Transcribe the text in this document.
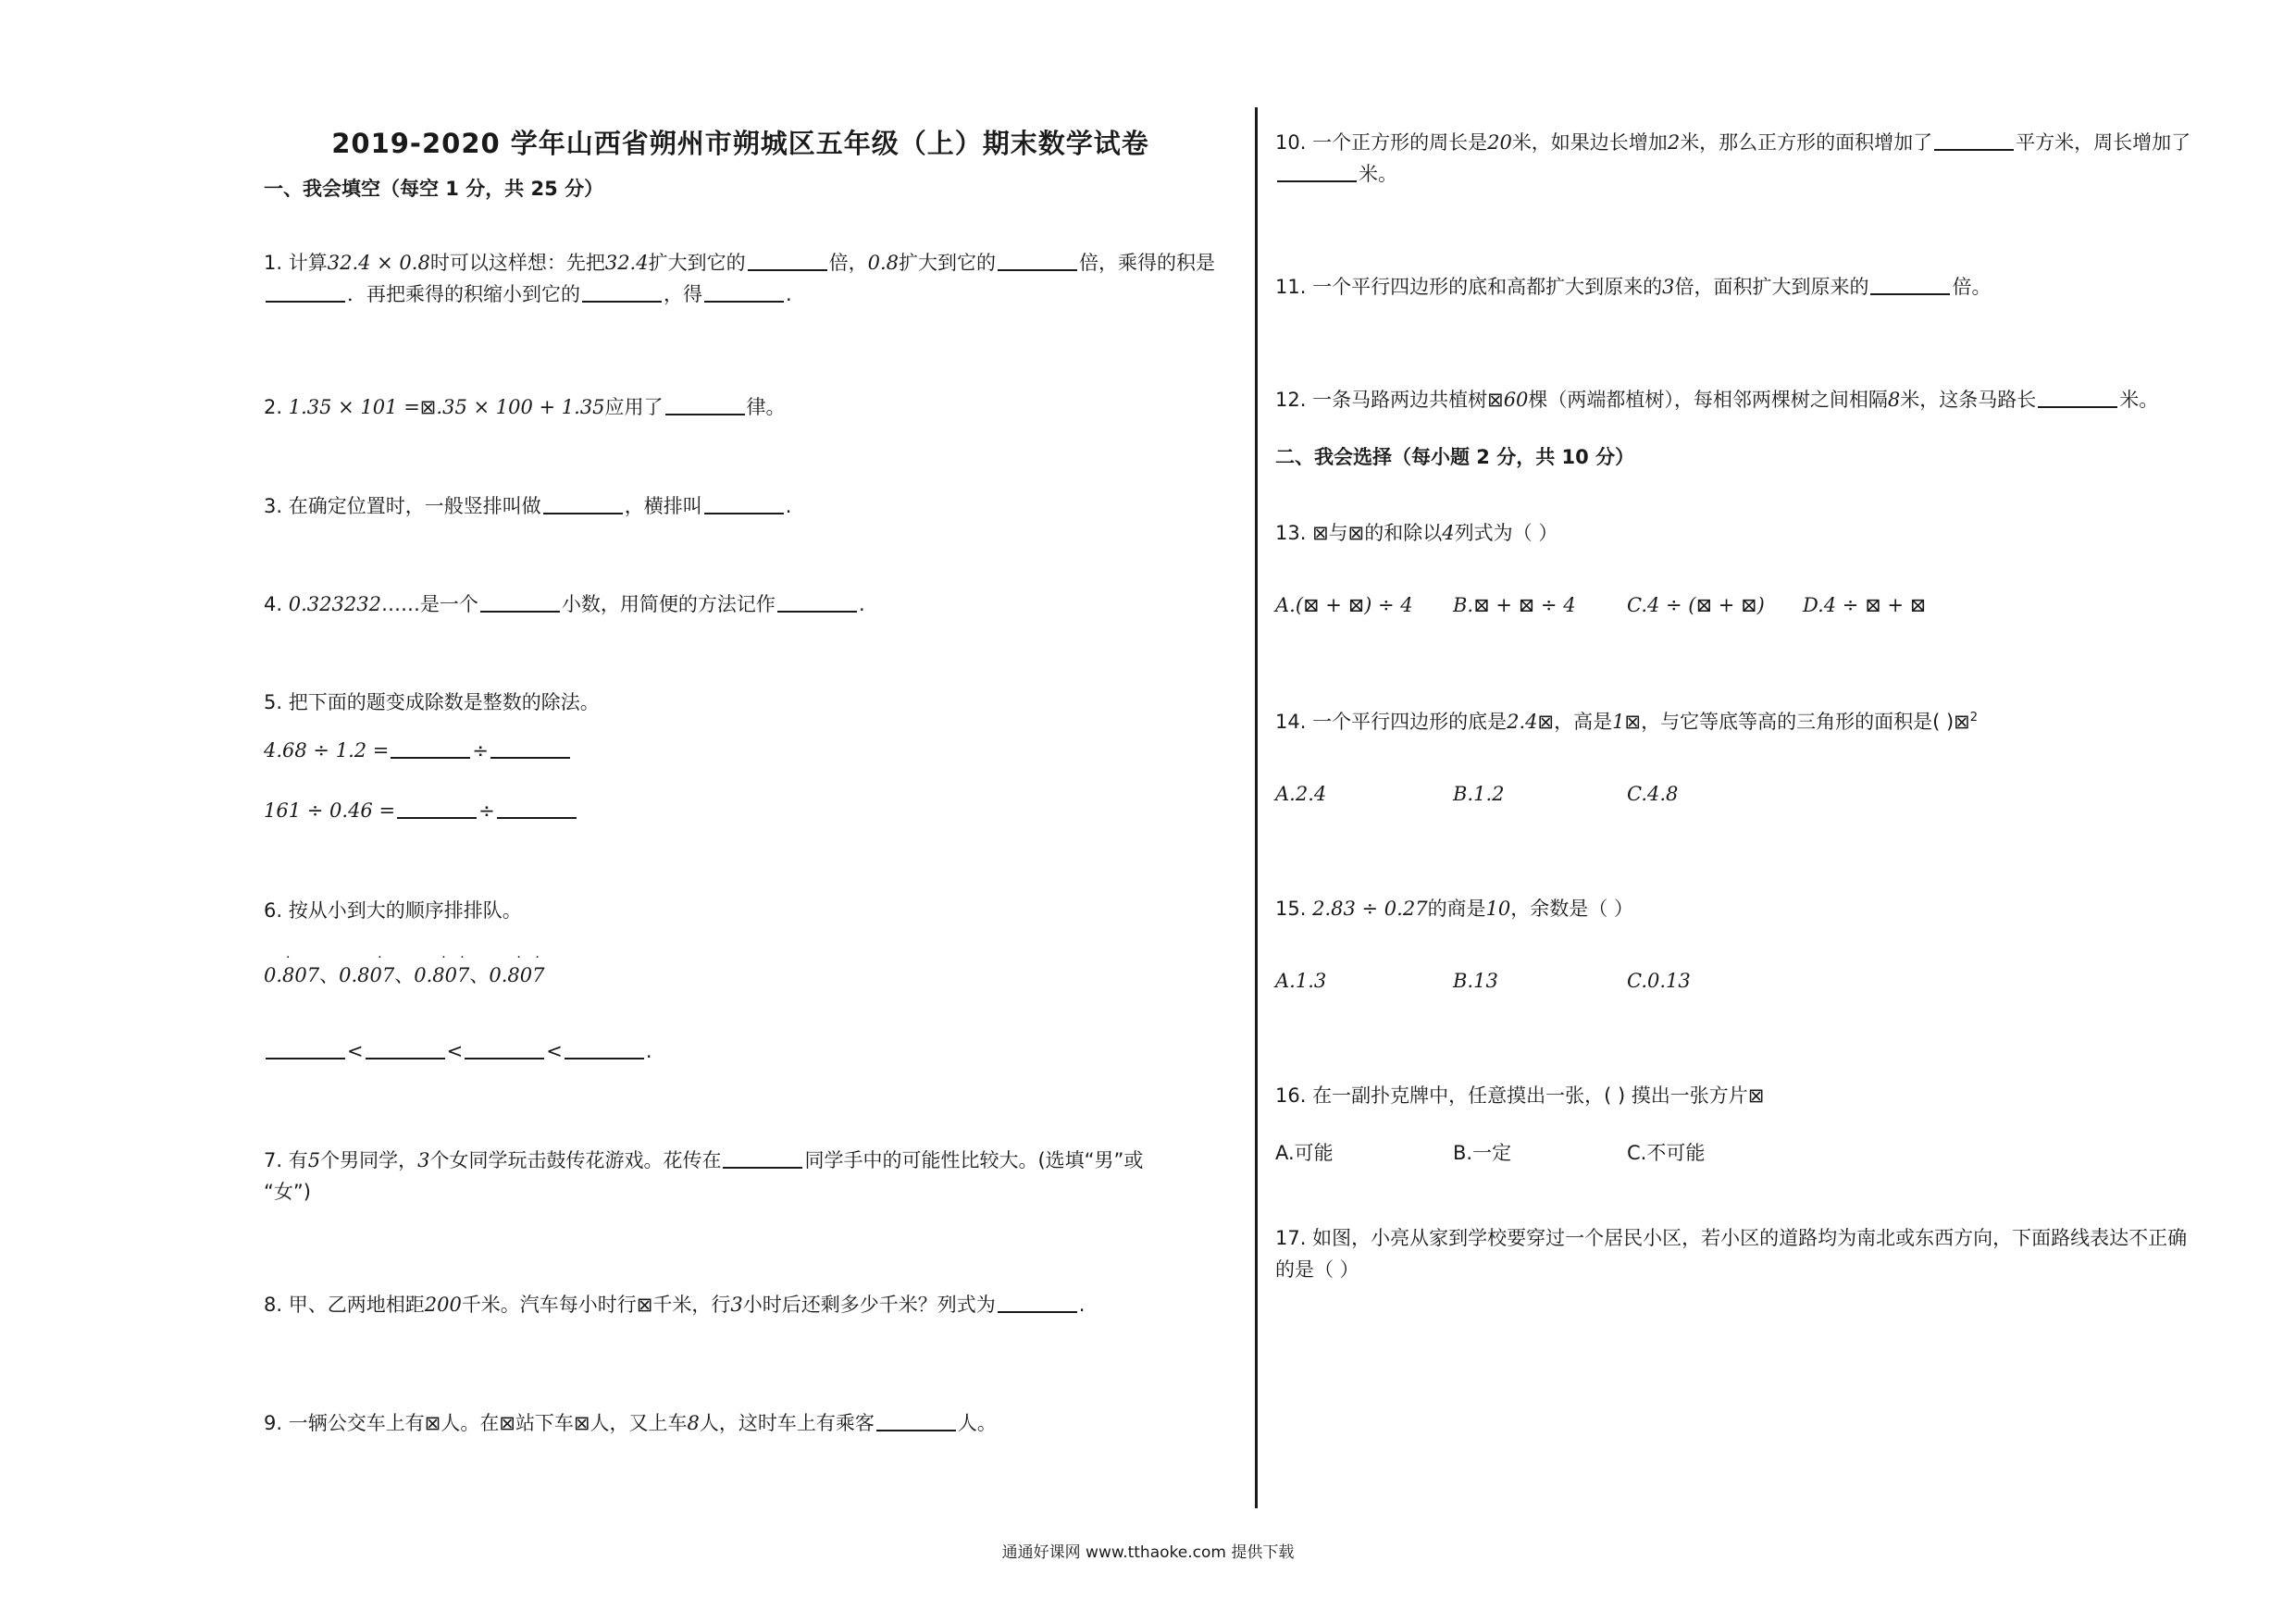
2019-2020 学年山西省朔州市朔城区五年级（上）期末数学试卷
一、我会填空（每空 1 分，共 25 分）
1. 计算32.4 × 0.8时可以这样想：先把32.4扩大到它的	倍，0.8扩大到它的	倍，乘得的积是
．再把乘得的积缩小到它的	，得	.
2. 1.35 × 101 =⊠.35 × 100 + 1.35应用了	律。
3. 在确定位置时，一般竖排叫做	，横排叫	.
4. 0.323232……是一个	小数，用简便的方法记作	.
5. 把下面的题变成除数是整数的除法。
4.68 ÷ 1.2 =	÷
161 ÷ 0.46 =	÷
6. 按从小到大的顺序排排队。
0.807
·
、0.807
·
、0.807
· ·
、0.807
· ·
<	<	<	.
7. 有5个男同学，3个女同学玩击鼓传花游戏。花传在	同学手中的可能性比较大。(选填“男”或
“女”)
8. 甲、乙两地相距200千米。汽车每小时行⊠千米，行3小时后还剩多少千米？列式为	.
9. 一辆公交车上有⊠人。在⊠站下车⊠人，又上车8人，这时车上有乘客	人。
10. 一个正方形的周长是20米，如果边长增加2米，那么正方形的面积增加了	平方米，周长增加了
米。
11. 一个平行四边形的底和高都扩大到原来的3倍，面积扩大到原来的	倍。
12. 一条马路两边共植树⊠60棵（两端都植树），每相邻两棵树之间相隔8米，这条马路长	米。
二、我会选择（每小题 2 分，共 10 分）
13. ⊠与⊠的和除以4列式为（ ）
A.(⊠ + ⊠) ÷ 4 B.⊠ + ⊠ ÷ 4	C.4 ÷ (⊠ + ⊠) D.4 ÷ ⊠ + ⊠
14. 一个平行四边形的底是2.4⊠，高是1⊠，与它等底等高的三角形的面积是( )⊠$^2$
A.2.4	B.1.2	C.4.8
15. 2.83 ÷ 0.27的商是10，余数是（ ）
A.1.3	B.13	C.0.13
16. 在一副扑克牌中，任意摸出一张，( ) 摸出一张方片⊠
A.可能	B.一定	C.不可能
17. 如图，小亮从家到学校要穿过一个居民小区，若小区的道路均为南北或东西方向，下面路线表达不正确
的是（ ）
通通好课网 www.tthaoke.com 提供下载
